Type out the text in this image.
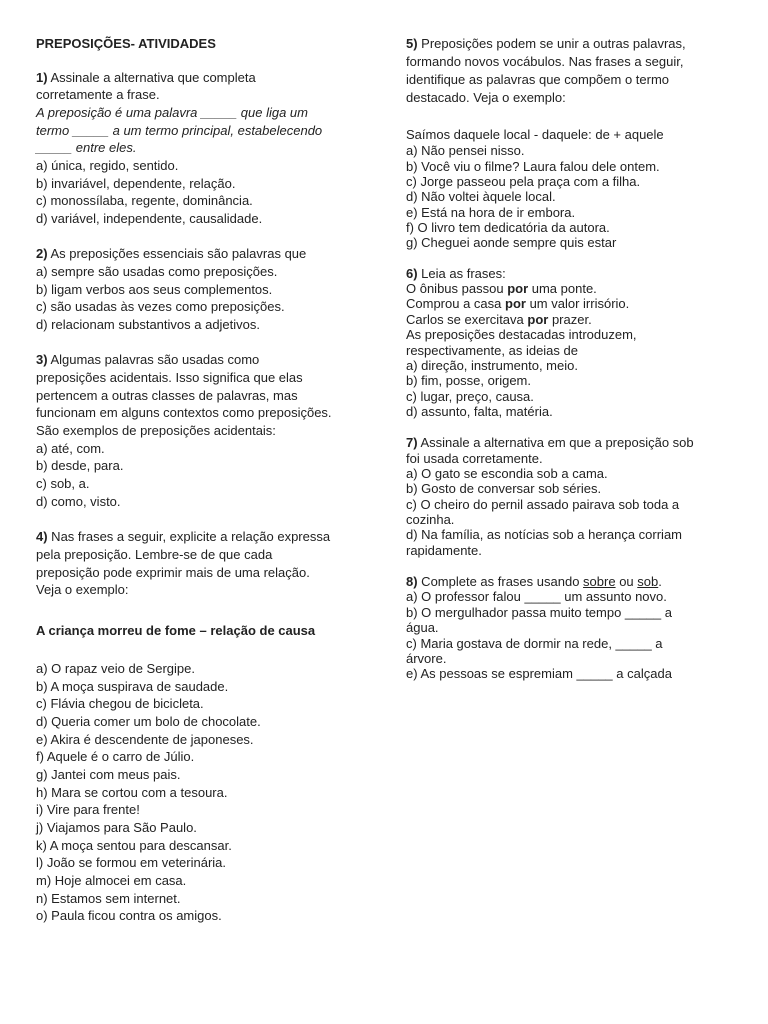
PREPOSIÇÕES- ATIVIDADES
1) Assinale a alternativa que completa
corretamente a frase.
A preposição é uma palavra _____ que liga um
termo _____ a um termo principal, estabelecendo
_____ entre eles.
a) única, regido, sentido.
b) invariável, dependente, relação.
c) monossílaba, regente, dominância.
d) variável, independente, causalidade.
2) As preposições essenciais são palavras que
a) sempre são usadas como preposições.
b) ligam verbos aos seus complementos.
c) são usadas às vezes como preposições.
d) relacionam substantivos a adjetivos.
3) Algumas palavras são usadas como
preposições acidentais. Isso significa que elas
pertencem a outras classes de palavras, mas
funcionam em alguns contextos como preposições.
São exemplos de preposições acidentais:
a) até, com.
b) desde, para.
c) sob, a.
d) como, visto.
4) Nas frases a seguir, explicite a relação expressa
pela preposição. Lembre-se de que cada
preposição pode exprimir mais de uma relação.
Veja o exemplo:
A criança morreu de fome – relação de causa
a) O rapaz veio de Sergipe.
b) A moça suspirava de saudade.
c) Flávia chegou de bicicleta.
d) Queria comer um bolo de chocolate.
e) Akira é descendente de japoneses.
f) Aquele é o carro de Júlio.
g) Jantei com meus pais.
h) Mara se cortou com a tesoura.
i) Vire para frente!
j) Viajamos para São Paulo.
k) A moça sentou para descansar.
l) João se formou em veterinária.
m) Hoje almocei em casa.
n) Estamos sem internet.
o) Paula ficou contra os amigos.
5) Preposições podem se unir a outras palavras,
formando novos vocábulos. Nas frases a seguir,
identifique as palavras que compõem o termo
destacado. Veja o exemplo:
Saímos daquele local - daquele: de + aquele
a) Não pensei nisso.
b) Você viu o filme? Laura falou dele ontem.
c) Jorge passeou pela praça com a filha.
d) Não voltei àquele local.
e) Está na hora de ir embora.
f) O livro tem dedicatória da autora.
g) Cheguei aonde sempre quis estar
6) Leia as frases:
O ônibus passou por uma ponte.
Comprou a casa por um valor irrisório.
Carlos se exercitava por prazer.
As preposições destacadas introduzem,
respectivamente, as ideias de
a) direção, instrumento, meio.
b) fim, posse, origem.
c) lugar, preço, causa.
d) assunto, falta, matéria.
7) Assinale a alternativa em que a preposição sob
foi usada corretamente.
a) O gato se escondia sob a cama.
b) Gosto de conversar sob séries.
c) O cheiro do pernil assado pairava sob toda a
cozinha.
d) Na família, as notícias sob a herança corriam
rapidamente.
8) Complete as frases usando sobre ou sob.
a) O professor falou _____ um assunto novo.
b) O mergulhador passa muito tempo _____ a
água.
c) Maria gostava de dormir na rede, _____ a
árvore.
e) As pessoas se espremiam _____ a calçada
